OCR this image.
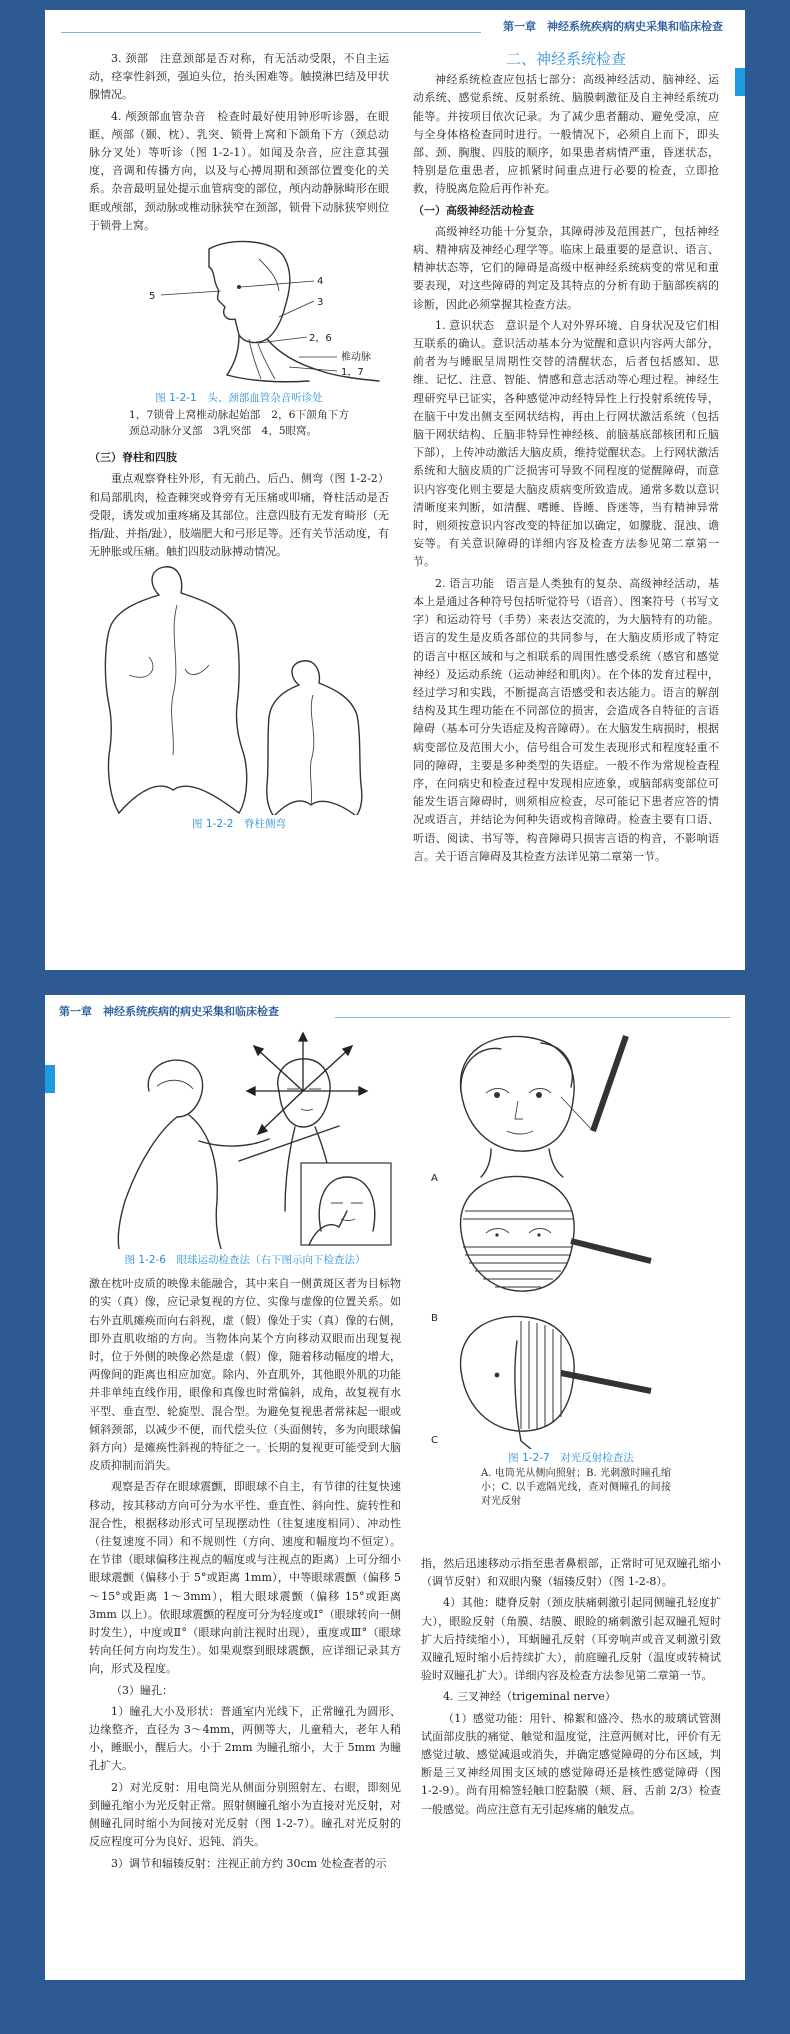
第一章　神经系统疾病的病史采集和临床检查

3. 颈部　注意颈部是否对称，有无活动受限，不自主运动，痉挛性斜颈，强迫头位，抬头困难等。触摸淋巴结及甲状腺情况。

4. 颅颈部血管杂音　检查时最好使用钟形听诊器，在眼眶、颅部（颞、枕）、乳突、锁骨上窝和下颌角下方（颈总动脉分叉处）等听诊（图 1-2-1）。如闻及杂音，应注意其强度，音调和传播方向，以及与心搏周期和颈部位置变化的关系。杂音最明显处提示血管病变的部位，颅内动静脉畸形在眼眶或颅部，颈动脉或椎动脉狭窄在颈部，锁骨下动脉狭窄则位于锁骨上窝。

4
3
5
2，6
1，7
椎动脉
图 1-2-1　头、颈部血管杂音听诊处
1，7锁骨上窝椎动脉起始部　2，6下颌角下方颈总动脉分叉部　3乳突部　4，5眼窝。

（三）脊柱和四肢

重点观察脊柱外形，有无前凸、后凸、侧弯（图 1-2-2）和局部肌肉，检查棘突或脊旁有无压痛或叩痛，脊柱活动是否受限，诱发或加重疼痛及其部位。注意四肢有无发育畸形（无指/趾、并指/趾），肢端肥大和弓形足等。还有关节活动度，有无肿胀或压痛。触扪四肢动脉搏动情况。

图 1-2-2　脊柱侧弯

二、神经系统检查

神经系统检查应包括七部分：高级神经活动、脑神经、运动系统、感觉系统、反射系统、脑膜刺激征及自主神经系统功能等。并按项目依次记录。为了减少患者翻动、避免受凉，应与全身体格检查同时进行。一般情况下，必须自上而下，即头部、颈、胸腹、四肢的顺序，如果患者病情严重，昏迷状态，特别是危重患者，应抓紧时间重点进行必要的检查，立即抢救，待脱离危险后再作补充。

（一）高级神经活动检查

高级神经功能十分复杂，其障碍涉及范围甚广，包括神经病、精神病及神经心理学等。临床上最重要的是意识、语言、精神状态等，它们的障碍是高级中枢神经系统病变的常见和重要表现，对这些障碍的判定及其特点的分析有助于脑部疾病的诊断，因此必须掌握其检查方法。

1. 意识状态　意识是个人对外界环境、自身状况及它们相互联系的确认。意识活动基本分为觉醒和意识内容两大部分，前者为与睡眠呈周期性交替的清醒状态，后者包括感知、思维、记忆、注意、智能、情感和意志活动等心理过程。神经生理研究早已证实，各种感觉冲动经特异性上行投射系统传导，在脑干中发出侧支至网状结构，再由上行网状激活系统（包括脑干网状结构、丘脑非特异性神经核、前脑基底部核团和丘脑下部），上传冲动激活大脑皮质，维持觉醒状态。上行网状激活系统和大脑皮质的广泛损害可导致不同程度的觉醒障碍，而意识内容变化则主要是大脑皮质病变所致造成。通常多数以意识清晰度来判断，如清醒、嗜睡、昏睡、昏迷等，当有精神异常时，则须按意识内容改变的特征加以确定，如朦胧、混浊、谵妄等。有关意识障碍的详细内容及检查方法参见第二章第一节。

2. 语言功能　语言是人类独有的复杂、高级神经活动，基本上是通过各种符号包括听觉符号（语音）、图案符号（书写文字）和运动符号（手势）来表达交流的，为大脑特有的功能。语言的发生是皮质各部位的共同参与，在大脑皮质形成了特定的语言中枢区域和与之相联系的周围性感受系统（感官和感觉神经）及运动系统（运动神经和肌肉）。在个体的发育过程中，经过学习和实践，不断提高言语感受和表达能力。语言的解剖结构及其生理功能在不同部位的损害，会造成各自特征的言语障碍（基本可分失语症及构音障碍）。在大脑发生病损时，根据病变部位及范围大小，信号组合可发生表现形式和程度轻重不同的障碍，主要是多种类型的失语症。一般不作为常规检查程序，在问病史和检查过程中发现相应迹象，或脑部病变部位可能发生语言障碍时，则须相应检查，尽可能记下患者应答的情况或语言，并结论为何种失语或构音障碍。检查主要有口语、听语、阅读、书写等，构音障碍只损害言语的构音，不影响语言。关于语言障碍及其检查方法详见第二章第一节。

第一章　神经系统疾病的病史采集和临床检查
图 1-2-6　眼球运动检查法（右下图示向下检查法）

激在枕叶皮质的映像未能融合，其中来自一侧黄斑区者为目标物的实（真）像，应记录复视的方位、实像与虚像的位置关系。如右外直肌瘫痪而向右斜视，虚（假）像处于实（真）像的右侧，即外直肌收缩的方向。当物体向某个方向移动双眼而出现复视时，位于外侧的映像必然是虚（假）像，随着移动幅度的增大，两像间的距离也相应加宽。除内、外直肌外，其他眼外肌的功能并非单纯直线作用，眼像和真像也时常偏斜，成角，故复视有水平型、垂直型、轮旋型、混合型。为避免复视患者常袜起一眼或倾斜颈部，以减少不便，而代偿头位（头面侧转，多为向眼球偏斜方向）是瘫痪性斜视的特征之一。长期的复视更可能受到大脑皮质抑制而消失。

观察是否存在眼球震颤，即眼球不自主，有节律的往复快速移动，按其移动方向可分为水平性、垂直性、斜向性、旋转性和混合性，根据移动形式可呈现摆动性（往复速度相同）、冲动性（往复速度不同）和不规则性（方向、速度和幅度均不恒定）。在节律（眼球偏移注视点的幅度或与注视点的距离）上可分细小眼球震颤（偏移小于 5°或距离 1mm），中等眼球震颤（偏移 5～15°或距离 1～3mm），粗大眼球震颤（偏移 15°或距离 3mm 以上）。依眼球震颤的程度可分为轻度或Ⅰ°（眼球转向一侧时发生），中度或Ⅱ°（眼球向前注视时出现），重度或Ⅲ°（眼球转向任何方向均发生）。如果观察到眼球震颤，应详细记录其方向，形式及程度。

（3）瞳孔：

1）瞳孔大小及形状：普通室内光线下，正常瞳孔为圆形、边缘整齐，直径为 3～4mm，两侧等大，儿童稍大，老年人稍小，睡眠小，醒后大。小于 2mm 为瞳孔缩小，大于 5mm 为瞳孔扩大。

2）对光反射：用电筒光从侧面分别照射左、右眼，即刻见到瞳孔缩小为光反射正常。照射侧瞳孔缩小为直接对光反射，对侧瞳孔同时缩小为间接对光反射（图 1-2-7）。瞳孔对光反射的反应程度可分为良好、迟钝、消失。

3）调节和辐辏反射：注视正前方约 30cm 处检查者的示

A
B
C
图 1-2-7　对光反射检查法
A. 电筒光从侧向照射；B. 光刺激时瞳孔缩小；C. 以手遮隔光线，查对侧瞳孔的间接对光反射

指，然后迅速移动示指至患者鼻根部，正常时可见双瞳孔缩小（调节反射）和双眼内聚（辐辏反射）（图 1-2-8）。

4）其他：睫脊反射（颈皮肤痛刺激引起同侧瞳孔轻度扩大），眼睑反射（角膜、结膜、眼睑的痛刺激引起双瞳孔短时扩大后持续缩小），耳蜗瞳孔反射（耳旁响声或音叉刺激引致双瞳孔短时缩小后持续扩大），前庭瞳孔反射（温度或转椅试验时双瞳孔扩大）。详细内容及检查方法参见第二章第一节。

4. 三叉神经（trigeminal nerve）

（1）感觉功能：用针、棉絮和盛冷、热水的玻璃试管测试面部皮肤的痛觉、触觉和温度觉，注意两侧对比，评价有无感觉过敏、感觉减退或消失，并确定感觉障碍的分布区域，判断是三叉神经周围支区域的感觉障碍还是核性感觉障碍（图 1-2-9）。尚有用棉签轻触口腔黏膜（颊、唇、舌前 2/3）检查一般感觉。尚应注意有无引起疼痛的触发点。
